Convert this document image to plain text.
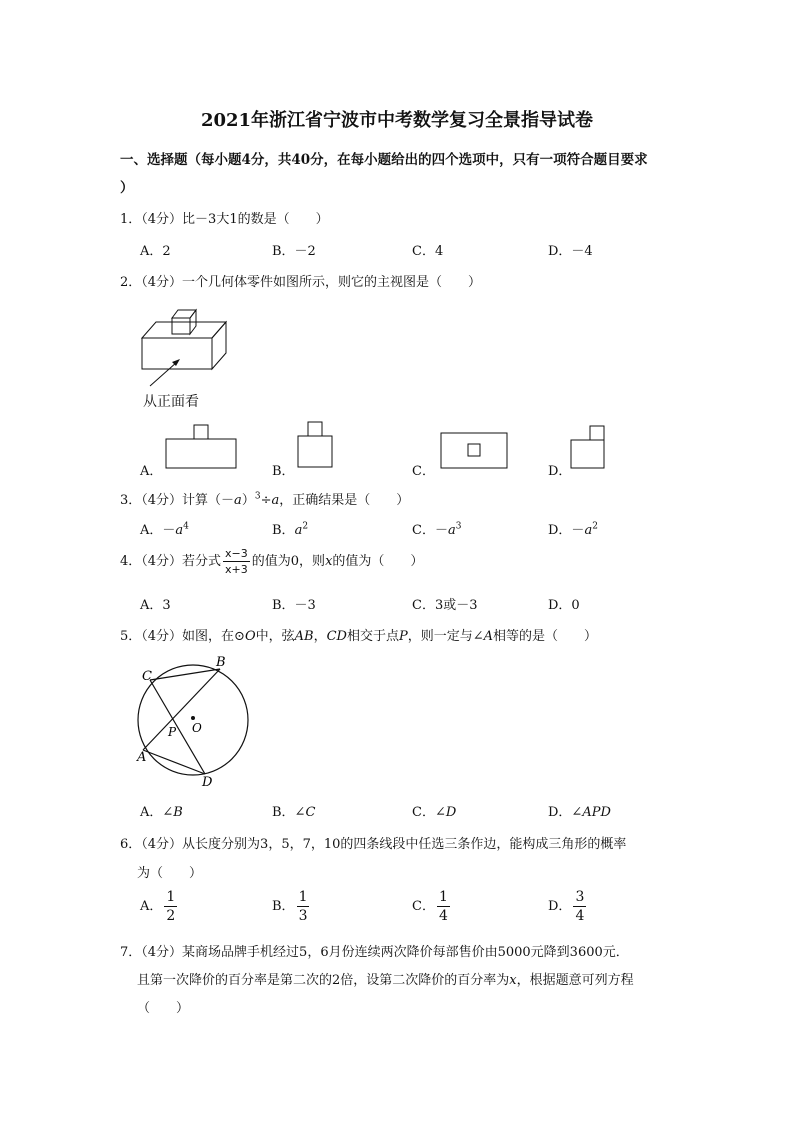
2021年浙江省宁波市中考数学复习全景指导试卷
一、选择题（每小题4分，共40分，在每小题给出的四个选项中，只有一项符合题目要求
）
1．（4分）比－3大1的数是（　　）
A．2	B．－2	C．4	D．－4
2．（4分）一个几何体零件如图所示，则它的主视图是（　　）
从正面看
A．	B．	C．	D．
3．（4分）计算$(-a)^3\div a$，正确结果是（　　）
A．$-a^4$	B．$a^2$	C．$-a^3$	D．$-a^2$
4．（4分）若分式 $\frac{x-3}{x+3}$ 的值为0，则x的值为（　　）
A．3	B．－3	C．3或－3	D．0
5．（4分）如图，在⊙O中，弦AB，CD相交于点P，则一定与∠A相等的是（　　）
C
B
A
D
P O
A．∠B	B．∠C	C．∠D	D．∠APD
6．（4分）从长度分别为3，5，7，10的四条线段中任选三条作边，能构成三角形的概率
为（　　）
A． $\frac{1}{2}$	B． $\frac{1}{3}$	C． $\frac{1}{4}$	D． $\frac{3}{4}$
7．（4分）某商场品牌手机经过5，6月份连续两次降价每部售价由5000元降到3600元．
且第一次降价的百分率是第二次的2倍，设第二次降价的百分率为x，根据题意可列方程
（　　）
